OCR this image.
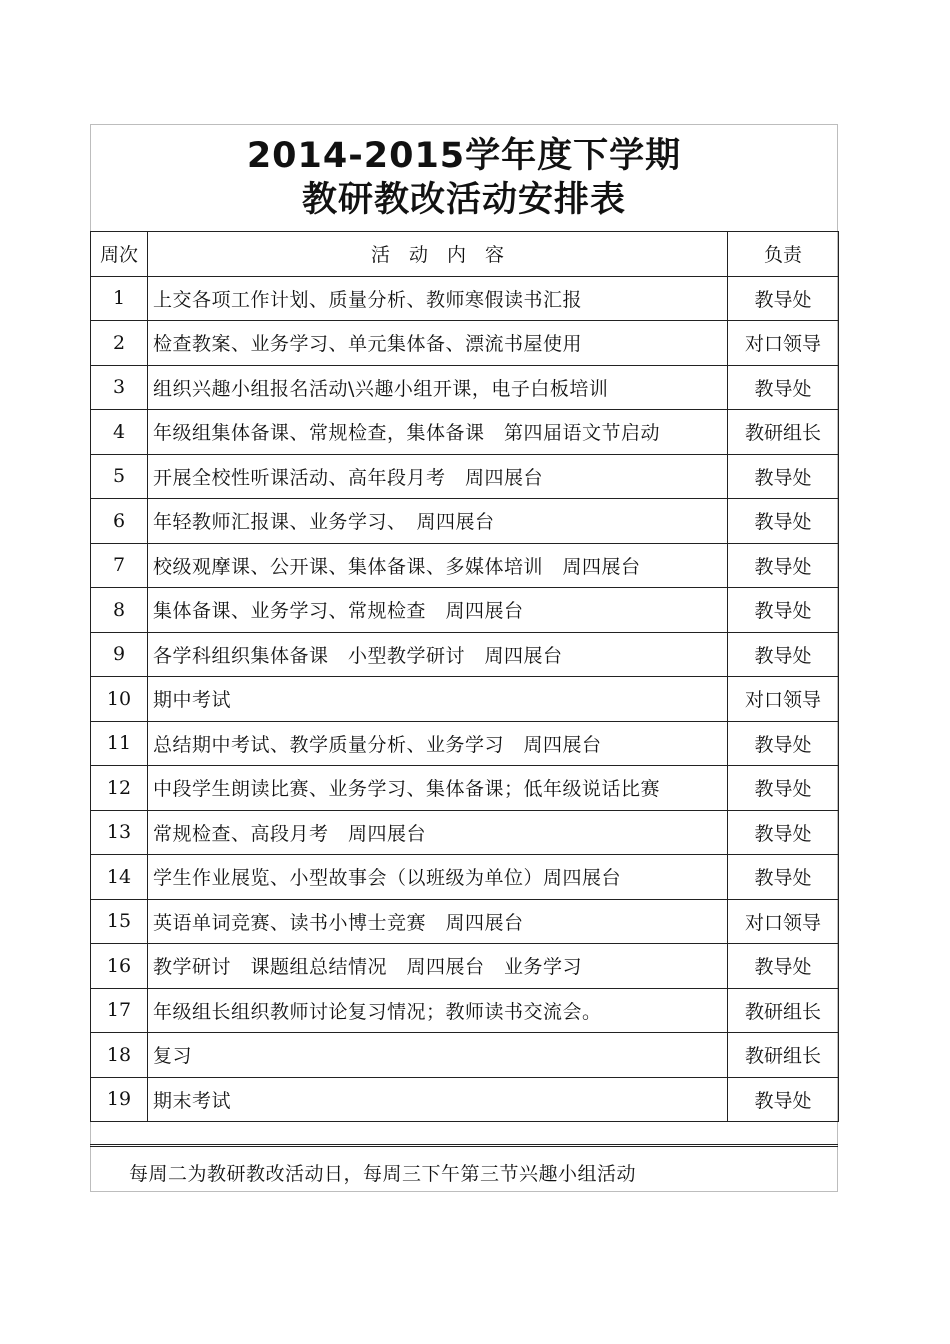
2014-2015学年度下学期
教研教改活动安排表
周次	活　动　内　容	负责
1	上交各项工作计划、质量分析、教师寒假读书汇报	教导处
2	检查教案、业务学习、单元集体备、漂流书屋使用	对口领导
3	组织兴趣小组报名活动\兴趣小组开课，电子白板培训	教导处
4	年级组集体备课、常规检查，集体备课　第四届语文节启动	教研组长
5	开展全校性听课活动、高年段月考　周四展台	教导处
6	年轻教师汇报课、业务学习、　周四展台	教导处
7	校级观摩课、公开课、集体备课、多媒体培训　周四展台	教导处
8	集体备课、业务学习、常规检查　周四展台	教导处
9	各学科组织集体备课　小型教学研讨　周四展台	教导处
10	期中考试	对口领导
11	总结期中考试、教学质量分析、业务学习　周四展台	教导处
12	中段学生朗读比赛、业务学习、集体备课；低年级说话比赛	教导处
13	常规检查、高段月考　周四展台	教导处
14	学生作业展览、小型故事会（以班级为单位）周四展台	教导处
15	英语单词竞赛、读书小博士竞赛　周四展台	对口领导
16	教学研讨　课题组总结情况　周四展台　业务学习	教导处
17	年级组长组织教师讨论复习情况；教师读书交流会。	教研组长
18	复习	教研组长
19	期末考试	教导处
每周二为教研教改活动日，每周三下午第三节兴趣小组活动
